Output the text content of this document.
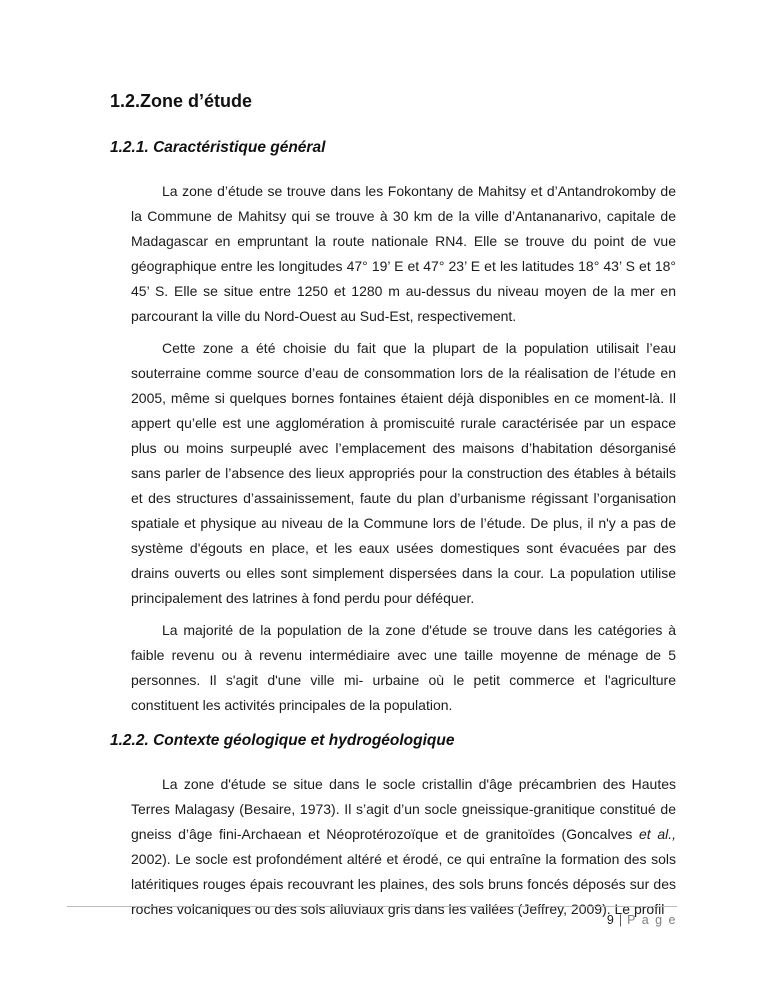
1.2.Zone d’étude
1.2.1. Caractéristique général

La zone d’étude se trouve dans les Fokontany de Mahitsy et d’Antandrokomby de la Commune de Mahitsy qui se trouve à 30 km de la ville d’Antananarivo, capitale de Madagascar en empruntant la route nationale RN4. Elle se trouve du point de vue géographique entre les longitudes 47° 19’ E et 47° 23’ E et les latitudes 18° 43’ S et 18° 45’ S. Elle se situe entre 1250 et 1280 m au-dessus du niveau moyen de la mer en parcourant la ville du Nord-Ouest au Sud-Est, respectivement.

Cette zone a été choisie du fait que la plupart de la population utilisait l’eau souterraine comme source d’eau de consommation lors de la réalisation de l’étude en 2005, même si quelques bornes fontaines étaient déjà disponibles en ce moment-là. Il appert qu’elle est une agglomération à promiscuité rurale caractérisée par un espace plus ou moins surpeuplé avec l’emplacement des maisons d’habitation désorganisé sans parler de l’absence des lieux appropriés pour la construction des étables à bétails et des structures d’assainissement, faute du plan d’urbanisme régissant l’organisation spatiale et physique au niveau de la Commune lors de l’étude. De plus, il n'y a pas de système d'égouts en place, et les eaux usées domestiques sont évacuées par des drains ouverts ou elles sont simplement dispersées dans la cour. La population utilise principalement des latrines à fond perdu pour déféquer.

La majorité de la population de la zone d'étude se trouve dans les catégories à faible revenu ou à revenu intermédiaire avec une taille moyenne de ménage de 5 personnes. Il s'agit d'une ville mi- urbaine où le petit commerce et l'agriculture constituent les activités principales de la population.

1.2.2. Contexte géologique et hydrogéologique

La zone d'étude se situe dans le socle cristallin d'âge précambrien des Hautes Terres Malagasy (Besaire, 1973). Il s’agit d’un socle gneissique-granitique constitué de gneiss d’âge fini-Archaean et Néoprotérozoïque et de granitoïdes (Goncalves et al., 2002). Le socle est profondément altéré et érodé, ce qui entraîne la formation des sols latéritiques rouges épais recouvrant les plaines, des sols bruns foncés déposés sur des roches volcaniques ou des sols alluviaux gris dans les vallées (Jeffrey, 2009). Le profil

9 | P a g e
